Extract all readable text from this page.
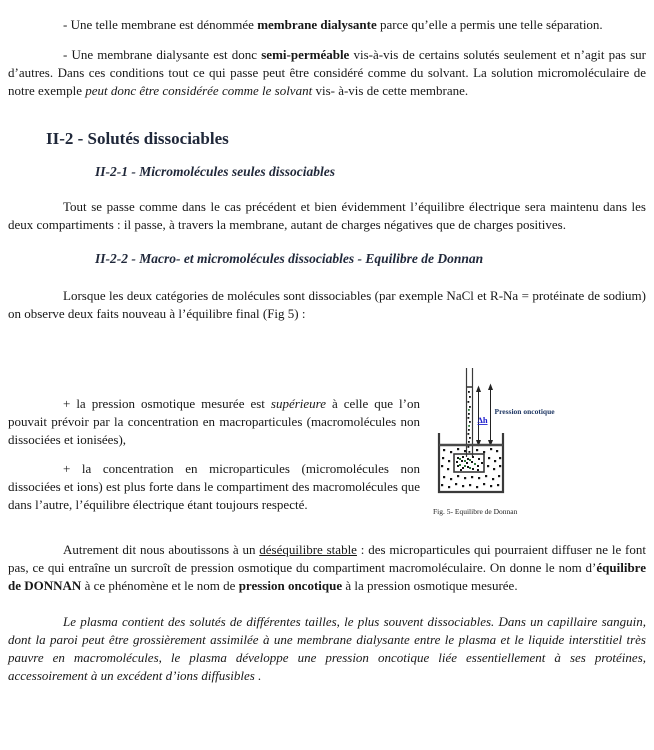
- Une telle membrane est dénommée membrane dialysante parce qu’elle a permis une telle séparation.

- Une membrane dialysante est donc semi-perméable vis-à-vis de certains solutés seulement et n’agit pas sur d’autres. Dans ces conditions tout ce qui passe peut être considéré comme du solvant. La solution micromoléculaire de notre exemple peut donc être considérée comme le solvant vis- à-vis de cette membrane.

II-2 - Solutés dissociables
II-2-1 - Micromolécules seules dissociables

Tout se passe comme dans le cas précédent et bien évidemment l’équilibre électrique sera maintenu dans les deux compartiments : il passe, à travers la membrane, autant de charges négatives que de charges positives.

II-2-2 - Macro- et micromolécules dissociables - Equilibre de Donnan

Lorsque les deux catégories de molécules sont dissociables (par exemple NaCl et R-Na = protéinate de sodium) on observe deux faits nouveau à l’équilibre final (Fig 5) :

+ la pression osmotique mesurée est supérieure à celle que l’on pouvait prévoir par la concentration en macroparticules (macromolécules non dissociées et ionisées),

+ la concentration en microparticules (micromolécules non dissociées et ions) est plus forte dans le compartiment des macromolécules que dans l’autre, l’équilibre électrique étant toujours respecté.

Δh
Pression oncotique
Fig. 5- Equilibre de Donnan

Autrement dit nous aboutissons à un déséquilibre stable : des microparticules qui pourraient diffuser ne le font pas, ce qui entraîne un surcroît de pression osmotique du compartiment macromoléculaire. On donne le nom d’équilibre de DONNAN à ce phénomène et le nom de pression oncotique à la pression osmotique mesurée.

Le plasma contient des solutés de différentes tailles, le plus souvent dissociables. Dans un capillaire sanguin, dont la paroi peut être grossièrement assimilée à une membrane dialysante entre le plasma et le liquide interstitiel très pauvre en macromolécules, le plasma développe une pression oncotique liée essentiellement à ses protéines, accessoirement à un excédent d’ions diffusibles .
